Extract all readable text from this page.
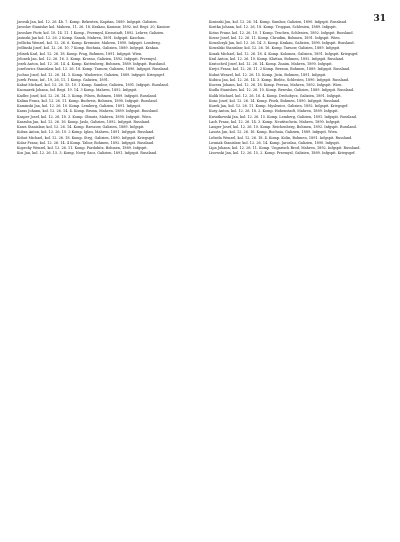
31

Jarosik Jan, kol. 12. 26. 4b. 7. Komp. Rekruten, Kapitan, 1889. Infgspit. Galizien.

Jaroslav Stanislav kol. Mahren, 11. 26. 18. Krakau, Kasimir, 1892. inf. Regt. 20, Kaniow.

Jaroslaw Piotr, kol. 10. 14. 11. 1 Komp., Przemysl, Kronstadt, 1892. Lehrer, Galizien.

Jasinski Jan kol. 12. 26. 2 Komp. Sanok, Mahren, 1891. Infgspit. Kaschau.

Jedlicka Wenzel, kol. 12. 26. 6. Komp. Kremsier, Mahren, 1890. Infgspit. Lemberg.

Jedlinski Josef, kol. 12. 26. 10. 7 Komp. Bochnia, Galizien, 1889. Infgspit. Krakau.

Jelinek Karl, kol. 12. 26. 18. Komp. Prag, Bohmen, 1891. Infgspit. Wien.

Jelonek Jan, kol. 12. 26. 16. 3. Komp. Krosno, Galizien, 1892. Infgspit. Przemysl.

Jezek Anton, kol. 12. 26. 14. 4. Komp. Kuttenberg, Bohmen, 1889. Infgspit. Russland.

Jozefowicz Stanislaw, kol. 12. 26. 18. Komp. Tarnow, Galizien, 1890. Infgspit. Russland.

Juchno Josef, kol. 12. 26. 14. 3. Komp. Wadowice, Galizien, 1889. Infgspit. Kriegsgef.

Jurek Franz, Inf., 19, 26, 11, 1 Komp. Galizien, 1891.

Kabat Michael, kol. 12. 26. 15. 10. 1 Komp. Sambor, Galizien, 1891. Infgspit. Russland.

Kacmarek Johann, Inf. Regt. 19. 14. 3 Komp. Mahren, 1892. Infgspit.

Kadlec Josef, kol. 12. 26. 14. 3. Komp. Pilsen, Bohmen, 1889. Infgspit. Russland.

Kalina Franz, kol. 12. 26. 11. Komp. Budweis, Bohmen, 1890. Infgspit. Russland.

Kaminski Jan, kol. 12. 26. 10. Komp. Lemberg, Galizien, 1891. Infgspit.

Karas Johann, kol. 12. 26. 14. 4. Komp. Brunn, Mahren, 1889. Infgspit. Russland.

Kasper Josef, kol. 12. 26. 18. 3. Komp. Olmutz, Mahren, 1890. Infgspit. Wien.

Kaszuba Jan, kol. 12. 26. 16. Komp. Jaslo, Galizien, 1892. Infgspit. Russland.

Kawa Stanislaw, kol. 12. 26. 14. Komp. Rzeszow, Galizien, 1889. Infgspit.

Kobza Anton, kol. 12. 26. 10. 2 Komp. Iglau, Mahren, 1891. Infgspit. Russland.

Kohut Michael, kol. 12. 26. 18. Komp. Stryj, Galizien, 1890. Infgspit. Kriegsgef.

Kolar Franz, kol. 12. 26. 14. 4 Komp. Tabor, Bohmen, 1892. Infgspit. Russland.

Kopecky Wenzel, kol. 12. 26. 11. Komp. Pardubitz, Bohmen, 1889. Infgspit.

Kos Jan, kol. 12. 26. 15. 3. Komp. Nowy Sacz, Galizien, 1891. Infgspit. Russland.

Kosinski Jan, kol. 12. 26. 14. Komp. Sambor, Galizien, 1890. Infgspit. Russland.

Kostka Johann, kol. 12. 26. 18. Komp. Troppau, Schlesien, 1889. Infgspit.

Kotas Franz, kol. 12. 26. 10. 1 Komp. Teschen, Schlesien, 1892. Infgspit. Russland.

Kovar Josef, kol. 12. 26. 11. Komp. Chrudim, Bohmen, 1891. Infgspit. Wien.

Kowalczyk Jan, kol. 12. 26. 14. 3. Komp. Krakau, Galizien, 1890. Infgspit. Russland.

Kowalski Stanislaw, kol. 12. 26. 16. Komp. Tarnow, Galizien, 1889. Infgspit.

Kozak Michael, kol. 12. 26. 18. 4. Komp. Kolomea, Galizien, 1891. Infgspit. Kriegsgef.

Kral Anton, kol. 12. 26. 10. Komp. Klattau, Bohmen, 1892. Infgspit. Russland.

Kratochvil Josef, kol. 12. 26. 14. Komp. Znaim, Mahren, 1890. Infgspit.

Krejci Franz, kol. 12. 26. 11. 2 Komp. Beraun, Bohmen, 1889. Infgspit. Russland.

Kubat Wenzel, kol. 12. 26. 15. Komp. Jicin, Bohmen, 1891. Infgspit.

Kubica Jan, kol. 12. 26. 14. 3. Komp. Bielitz, Schlesien, 1890. Infgspit. Russland.

Kucera Johann, kol. 12. 26. 18. Komp. Prerau, Mahren, 1892. Infgspit. Wien.

Kudla Stanislaw, kol. 12. 26. 10. Komp. Brzesko, Galizien, 1889. Infgspit. Russland.

Kulik Michael, kol. 12. 26. 16. 4. Komp. Drohobycz, Galizien, 1891. Infgspit.

Kunc Josef, kol. 12. 26. 14. Komp. Pisek, Bohmen, 1890. Infgspit. Russland.

Kurek Jan, kol. 12. 26. 11. Komp. Myslenice, Galizien, 1892. Infgspit. Kriegsgef.

Kusy Anton, kol. 12. 26. 18. 2. Komp. Hohenstadt, Mahren, 1889. Infgspit.

Kwiatkowski Jan, kol. 12. 26. 15. Komp. Lemberg, Galizien, 1891. Infgspit. Russland.

Lach Franz, kol. 12. 26. 14. 3. Komp. Neutitschein, Mahren, 1890. Infgspit.

Langer Josef, kol. 12. 26. 10. Komp. Reichenberg, Bohmen, 1892. Infgspit. Russland.

Lasota Jan, kol. 12. 26. 16. Komp. Bochnia, Galizien, 1889. Infgspit. Wien.

Lebeda Wenzel, kol. 12. 26. 18. 4. Komp. Kolin, Bohmen, 1891. Infgspit. Russland.

Lesniak Stanislaw, kol. 12. 26. 14. Komp. Jaroslau, Galizien, 1890. Infgspit.

Lipa Johann, kol. 12. 26. 11. Komp. Ungarisch Brod, Mahren, 1892. Infgspit. Russland.

Lisowski Jan, kol. 12. 26. 15. 2. Komp. Przemysl, Galizien, 1889. Infgspit. Kriegsgef.
